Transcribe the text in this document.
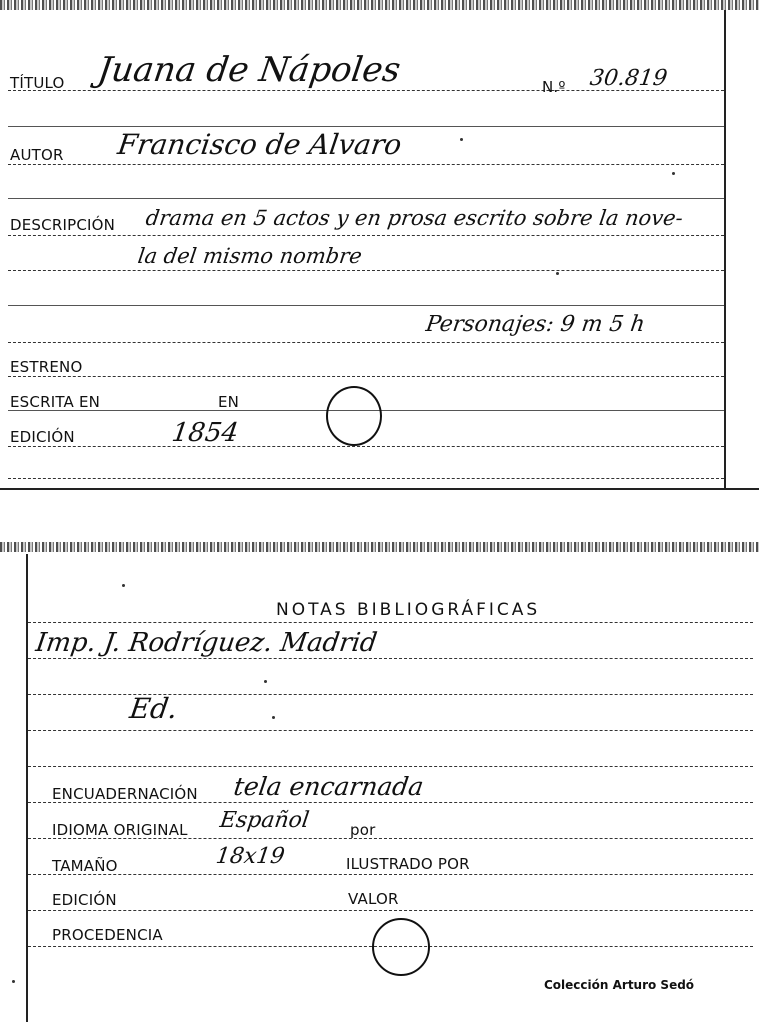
TÍTULO Juana de Nápoles	N.º 30.819
AUTOR Francisco de Alvaro
DESCRIPCIÓN drama en 5 actos y en prosa escrito sobre la nove-
la del mismo nombre
Personajes: 9 m 5 h
ESTRENO
ESCRITA EN	EN
EDICIÓN	1854
NOTAS BIBLIOGRÁFICAS
Imp. J. Rodríguez. Madrid
Ed.
ENCUADERNACIÓN tela encarnada
IDIOMA ORIGINAL Español	por
TAMAÑO	18x19	ILUSTRADO POR
EDICIÓN	VALOR
PROCEDENCIA
Colección Arturo Sedó
